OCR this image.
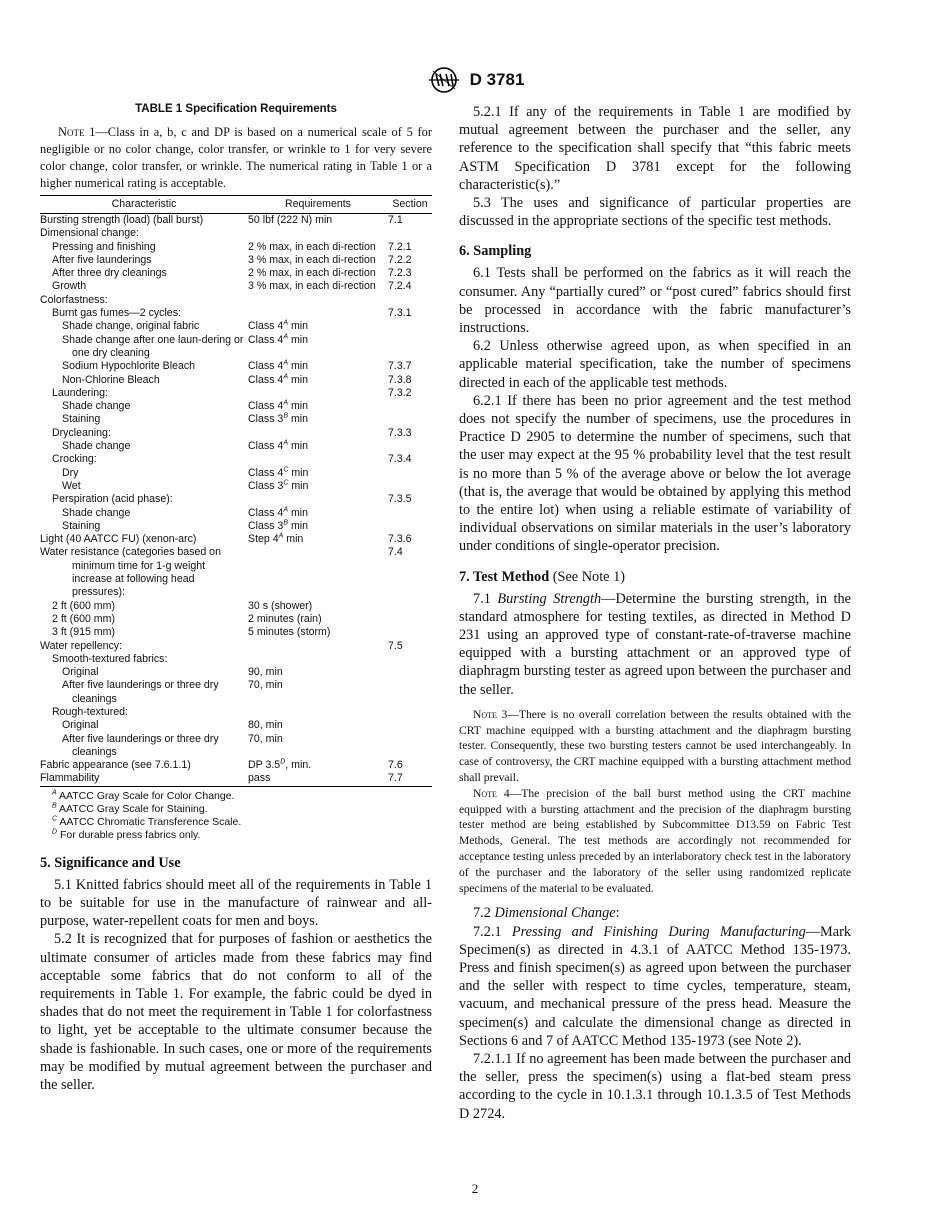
D 3781
TABLE 1 Specification Requirements

Note 1—Class in a, b, c and DP is based on a numerical scale of 5 for negligible or no color change, color transfer, or wrinkle to 1 for very severe color change, color transfer, or wrinkle. The numerical rating in Table 1 or a higher numerical rating is acceptable.

Characteristic	Requirements	Section

Bursting strength (load) (ball burst)	50 lbf (222 N) min	7.1

Dimensional change:		

Pressing and finishing	2 % max, in each di-rection	7.2.1

After five launderings	3 % max, in each di-rection	7.2.2

After three dry cleanings	2 % max, in each di-rection	7.2.3

Growth	3 % max, in each di-rection	7.2.4

Colorfastness:		

Burnt gas fumes—2 cycles:		7.3.1

Shade change, original fabric	Class $4^A$ min	

Shade change after one laun-dering or one dry cleaning	Class $4^A$ min	

Sodium Hypochlorite Bleach	Class $4^A$ min	7.3.7

Non-Chlorine Bleach	Class $4^A$ min	7.3.8

Laundering:		7.3.2

Shade change	Class $4^A$ min	

Staining	Class $3^B$ min	

Drycleaning:		7.3.3

Shade change	Class $4^A$ min	

Crocking:		7.3.4

Dry	Class $4^C$ min	

Wet	Class $3^C$ min	

Perspiration (acid phase):		7.3.5

Shade change	Class $4^A$ min	

Staining	Class $3^B$ min	

Light (40 AATCC FU) (xenon-arc)	Step $4^A$ min	7.3.6

Water resistance (categories based on minimum time for 1-g weight increase at following head pressures):		7.4

2 ft (600 mm)	30 s (shower)	

2 ft (600 mm)	2 minutes (rain)	

3 ft (915 mm)	5 minutes (storm)	

Water repellency:		7.5

Smooth-textured fabrics:		

Original	90, min	

After five launderings or three dry cleanings	70, min	

Rough-textured:		

Original	80, min	

After five launderings or three dry cleanings	70, min	

Fabric appearance (see 7.6.1.1)	DP $3.5^D$, min.	7.6

Flammability	pass	7.7
$^A$ AATCC Gray Scale for Color Change.
$^B$ AATCC Gray Scale for Staining.
$^C$ AATCC Chromatic Transference Scale.
$^D$ For durable press fabrics only.
5. Significance and Use

5.1 Knitted fabrics should meet all of the requirements in Table 1 to be suitable for use in the manufacture of rainwear and all-purpose, water-repellent coats for men and boys.

5.2 It is recognized that for purposes of fashion or aesthetics the ultimate consumer of articles made from these fabrics may find acceptable some fabrics that do not conform to all of the requirements in Table 1. For example, the fabric could be dyed in shades that do not meet the requirement in Table 1 for colorfastness to light, yet be acceptable to the ultimate consumer because the shade is fashionable. In such cases, one or more of the requirements may be modified by mutual agreement between the purchaser and the seller.

5.2.1 If any of the requirements in Table 1 are modified by mutual agreement between the purchaser and the seller, any reference to the specification shall specify that “this fabric meets ASTM Specification D 3781 except for the following characteristic(s).”

5.3 The uses and significance of particular properties are discussed in the appropriate sections of the specific test methods.

6. Sampling

6.1 Tests shall be performed on the fabrics as it will reach the consumer. Any “partially cured” or “post cured” fabrics should first be processed in accordance with the fabric manufacturer’s instructions.

6.2 Unless otherwise agreed upon, as when specified in an applicable material specification, take the number of specimens directed in each of the applicable test methods.

6.2.1 If there has been no prior agreement and the test method does not specify the number of specimens, use the procedures in Practice D 2905 to determine the number of specimens, such that the user may expect at the 95 % probability level that the test result is no more than 5 % of the average above or below the lot average (that is, the average that would be obtained by applying this method to the entire lot) when using a reliable estimate of variability of individual observations on similar materials in the user’s laboratory under conditions of single-operator precision.

7. Test Method (See Note 1)

7.1 Bursting Strength—Determine the bursting strength, in the standard atmosphere for testing textiles, as directed in Method D 231 using an approved type of constant-rate-of-traverse machine equipped with a bursting attachment or an approved type of diaphragm bursting tester as agreed upon between the purchaser and the seller.

Note 3—There is no overall correlation between the results obtained with the CRT machine equipped with a bursting attachment and the diaphragm bursting tester. Consequently, these two bursting testers cannot be used interchangeably. In case of controversy, the CRT machine equipped with a bursting attachment method shall prevail.

Note 4—The precision of the ball burst method using the CRT machine equipped with a bursting attachment and the precision of the diaphragm bursting tester method are being established by Subcommittee D13.59 on Fabric Test Methods, General. The test methods are accordingly not recommended for acceptance testing unless preceded by an interlaboratory check test in the laboratory of the purchaser and the laboratory of the seller using randomized replicate specimens of the material to be evaluated.

7.2 Dimensional Change:

7.2.1 Pressing and Finishing During Manufacturing—Mark Specimen(s) as directed in 4.3.1 of AATCC Method 135-1973. Press and finish specimen(s) as agreed upon between the purchaser and the seller with respect to time cycles, temperature, steam, vacuum, and mechanical pressure of the press head. Measure the specimen(s) and calculate the dimensional change as directed in Sections 6 and 7 of AATCC Method 135-1973 (see Note 2).

7.2.1.1 If no agreement has been made between the purchaser and the seller, press the specimen(s) using a flat-bed steam press according to the cycle in 10.1.3.1 through 10.1.3.5 of Test Methods D 2724.

2
